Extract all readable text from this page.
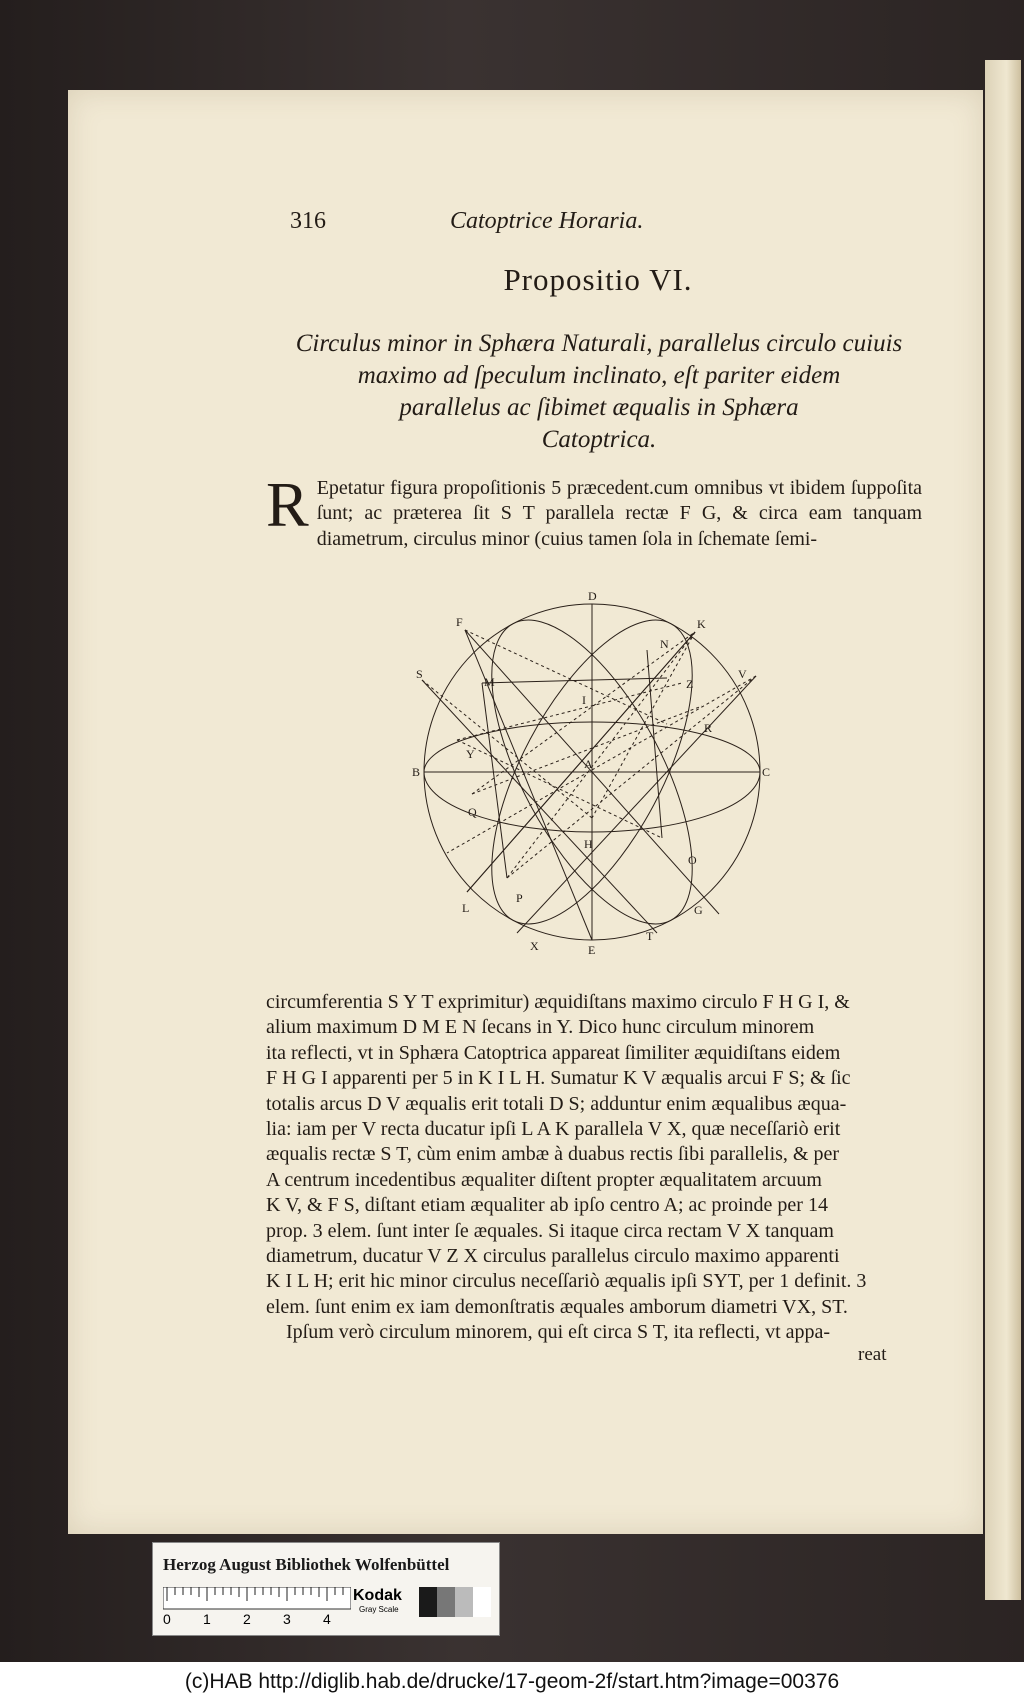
316	Catoptrice Horaria.
Propositio VI.
Circulus minor in Sphæra Naturali, parallelus circulo cuiuis
maximo ad ſpeculum inclinato, eſt pariter eidem
parallelus ac ſibimet æqualis in Sphæra
Catoptrica.
R Epetatur figura propoſitionis 5 præcedent.cum omnibus vt ibidem ſuppoſita ſunt; ac præterea ſit S T parallela rectæ F G, & circa eam tanquam diametrum, circulus minor (cuius tamen ſola in ſchemate ſemi-
D
E
B	C
F	K
S	V
M
N
I
Z
R
Y
A
Q
H
O
L
P
G
X
T
circumferentia S Y T exprimitur) æquidiſtans maximo circulo F H G I, &
alium maximum D M E N ſecans in Y. Dico hunc circulum minorem
ita reflecti, vt in Sphæra Catoptrica appareat ſimiliter æquidiſtans eidem
F H G I apparenti per 5 in K I L H. Sumatur K V æqualis arcui F S; & ſic
totalis arcus D V æqualis erit totali D S; adduntur enim æqualibus æqua-
lia: iam per V recta ducatur ipſi L A K parallela V X, quæ neceſſariò erit
æqualis rectæ S T, cùm enim ambæ à duabus rectis ſibi parallelis, & per
A centrum incedentibus æqualiter diſtent propter æqualitatem arcuum
K V, & F S, diſtant etiam æqualiter ab ipſo centro A; ac proinde per 14
prop. 3 elem. ſunt inter ſe æquales. Si itaque circa rectam V X tanquam
diametrum, ducatur V Z X circulus parallelus circulo maximo apparenti
K I L H; erit hic minor circulus neceſſariò æqualis ipſi SYT, per 1 definit. 3
elem. ſunt enim ex iam demonſtratis æquales amborum diametri VX, ST.
Ipſum verò circulum minorem, qui eſt circa S T, ita reflecti, vt appa-
reat
Herzog August Bibliothek Wolfenbüttel
0 1 2 3 4
Kodak
Gray Scale
(c)HAB http://diglib.hab.de/drucke/17-geom-2f/start.htm?image=00376
